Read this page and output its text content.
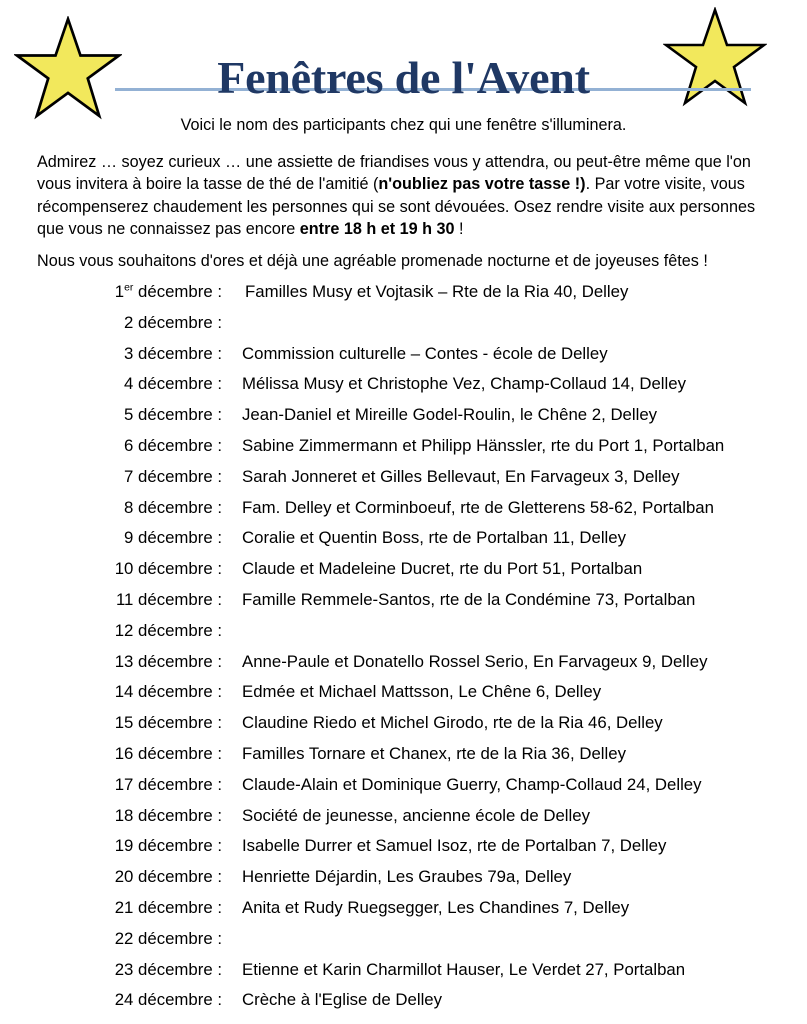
Fenêtres de l'Avent

Voici le nom des participants chez qui une fenêtre s'illuminera.

Admirez … soyez curieux … une assiette de friandises vous y attendra, ou peut-être même que l'on vous invitera à boire la tasse de thé de l'amitié (n'oubliez pas votre tasse !). Par votre visite, vous récompenserez chaudement les personnes qui se sont dévouées. Osez rendre visite aux personnes que vous ne connaissez pas encore entre 18 h et 19 h 30 !

Nous vous souhaitons d'ores et déjà une agréable promenade nocturne et de joyeuses fêtes !

1er décembre :	Familles Musy et Vojtasik – Rte de la Ria 40, Delley
2 décembre :
3 décembre :	Commission culturelle – Contes - école de Delley
4 décembre :	Mélissa Musy et Christophe Vez, Champ-Collaud 14, Delley
5 décembre :	Jean-Daniel et Mireille Godel-Roulin, le Chêne 2, Delley
6 décembre :	Sabine Zimmermann et Philipp Hänssler, rte du Port 1, Portalban
7 décembre :	Sarah Jonneret et Gilles Bellevaut, En Farvageux 3, Delley
8 décembre :	Fam. Delley et Corminboeuf, rte de Gletterens 58-62, Portalban
9 décembre :	Coralie et Quentin Boss, rte de Portalban 11, Delley
10 décembre :	Claude et Madeleine Ducret, rte du Port 51, Portalban
11 décembre :	Famille Remmele-Santos, rte de la Condémine 73, Portalban
12 décembre :
13 décembre :	Anne-Paule et Donatello Rossel Serio, En Farvageux 9, Delley
14 décembre :	Edmée et Michael Mattsson, Le Chêne 6, Delley
15 décembre :	Claudine Riedo et Michel Girodo, rte de la Ria 46, Delley
16 décembre :	Familles Tornare et Chanex, rte de la Ria 36, Delley
17 décembre :	Claude-Alain et Dominique Guerry, Champ-Collaud 24, Delley
18 décembre :	Société de jeunesse, ancienne école de Delley
19 décembre :	Isabelle Durrer et Samuel Isoz, rte de Portalban 7, Delley
20 décembre :	Henriette Déjardin, Les Graubes 79a, Delley
21 décembre :	Anita et Rudy Ruegsegger, Les Chandines 7, Delley
22 décembre :
23 décembre :	Etienne et Karin Charmillot Hauser, Le Verdet 27, Portalban
24 décembre :	Crèche à l'Eglise de Delley
